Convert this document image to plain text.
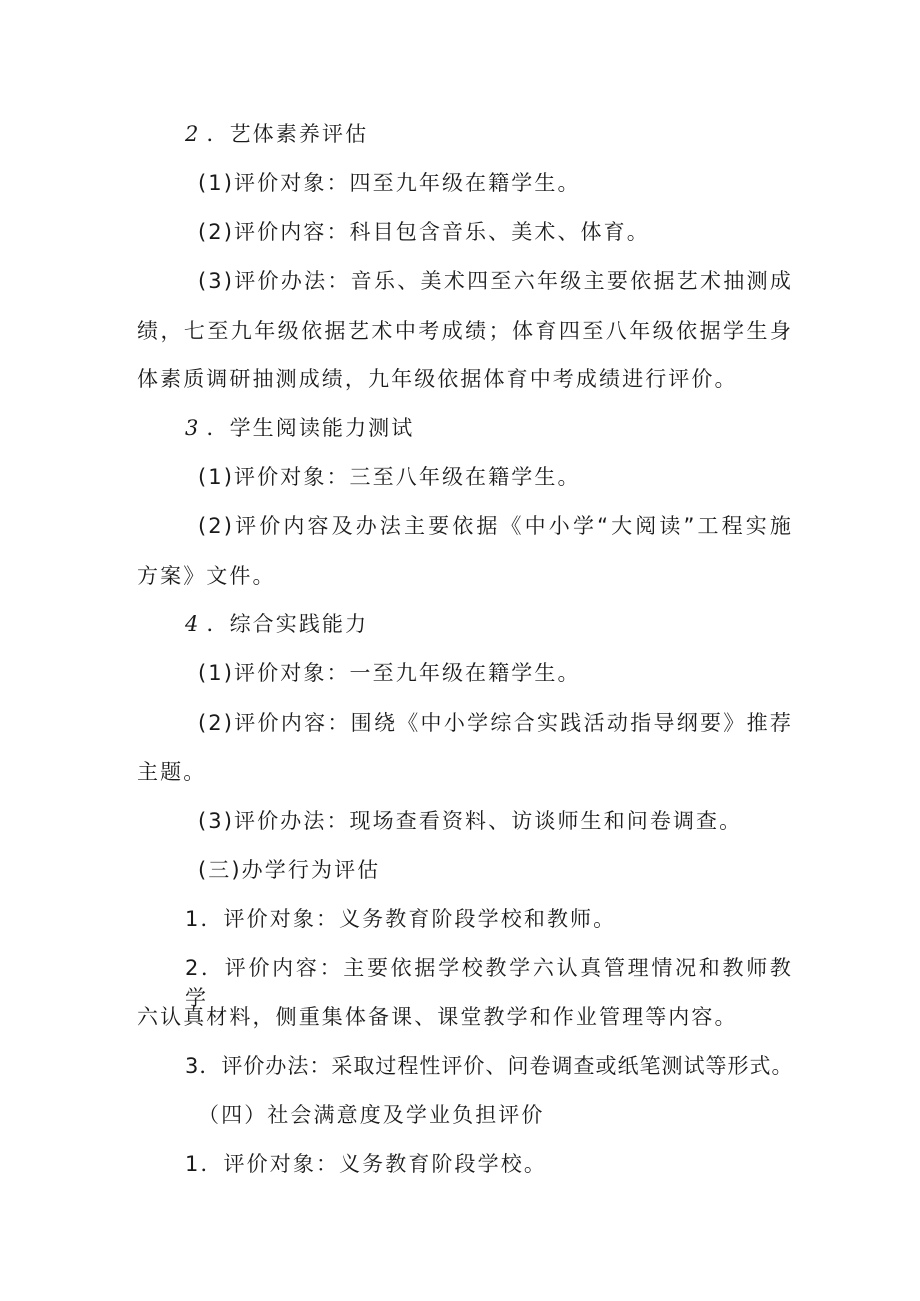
2 ．艺体素养评估
(1)评价对象：四至九年级在籍学生。
(2)评价内容：科目包含音乐、美术、体育。
(3)评价办法：音乐、美术四至六年级主要依据艺术抽测成
绩，七至九年级依据艺术中考成绩；体育四至八年级依据学生身
体素质调研抽测成绩，九年级依据体育中考成绩进行评价。
3 ．学生阅读能力测试
(1)评价对象：三至八年级在籍学生。
(2)评价内容及办法主要依据《中小学“大阅读”工程实施
方案》文件。
4 ．综合实践能力
(1)评价对象：一至九年级在籍学生。
(2)评价内容：围绕《中小学综合实践活动指导纲要》推荐
主题。
(3)评价办法：现场查看资料、访谈师生和问卷调查。
(三)办学行为评估
1．评价对象：义务教育阶段学校和教师。
2．评价内容：主要依据学校教学六认真管理情况和教师教学
六认真材料，侧重集体备课、课堂教学和作业管理等内容。
3．评价办法：采取过程性评价、问卷调查或纸笔测试等形式。
（四）社会满意度及学业负担评价
1．评价对象：义务教育阶段学校。
